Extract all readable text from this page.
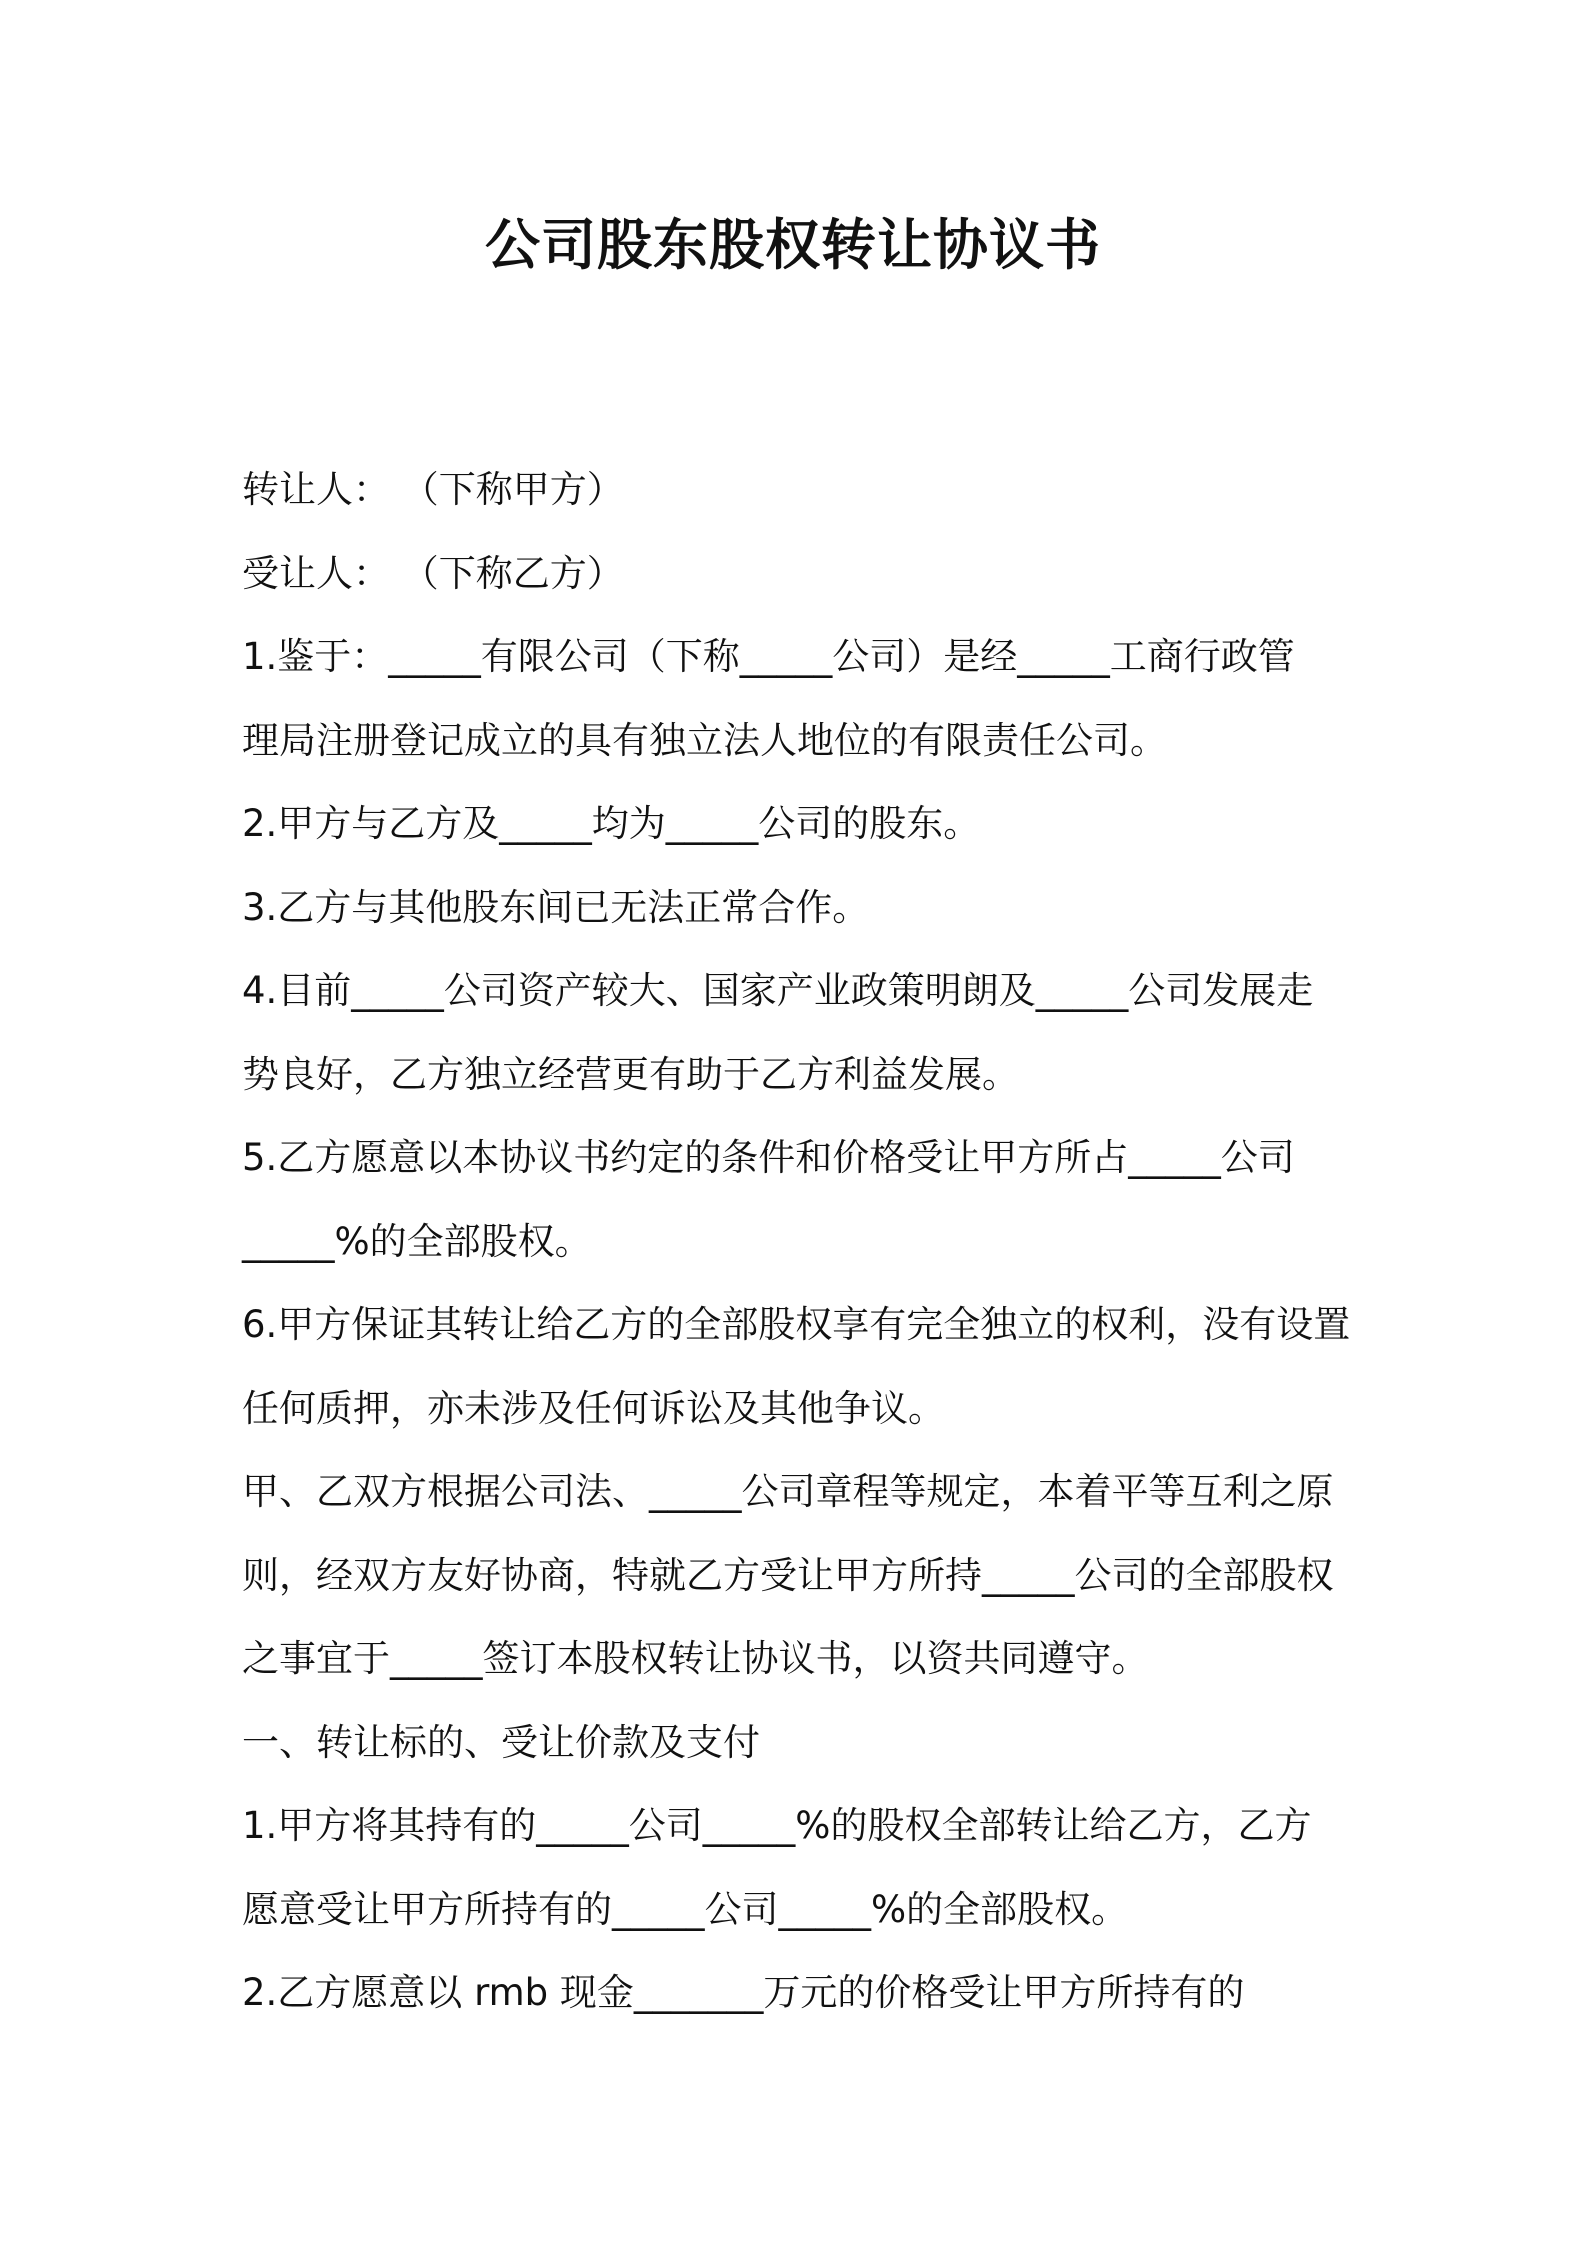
公司股东股权转让协议书
转让人： （下称甲方）
受让人： （下称乙方）
1.鉴于：_____有限公司（下称_____公司）是经_____工商行政管
理局注册登记成立的具有独立法人地位的有限责任公司。
2.甲方与乙方及_____均为_____公司的股东。
3.乙方与其他股东间已无法正常合作。
4.目前_____公司资产较大、国家产业政策明朗及_____公司发展走
势良好，乙方独立经营更有助于乙方利益发展。
5.乙方愿意以本协议书约定的条件和价格受让甲方所占_____公司
_____%的全部股权。
6.甲方保证其转让给乙方的全部股权享有完全独立的权利，没有设置
任何质押，亦未涉及任何诉讼及其他争议。
甲、乙双方根据公司法、_____公司章程等规定，本着平等互利之原
则，经双方友好协商，特就乙方受让甲方所持_____公司的全部股权
之事宜于_____签订本股权转让协议书，以资共同遵守。
一、转让标的、受让价款及支付
1.甲方将其持有的_____公司_____%的股权全部转让给乙方，乙方
愿意受让甲方所持有的_____公司_____%的全部股权。
2.乙方愿意以 rmb 现金_______万元的价格受让甲方所持有的
